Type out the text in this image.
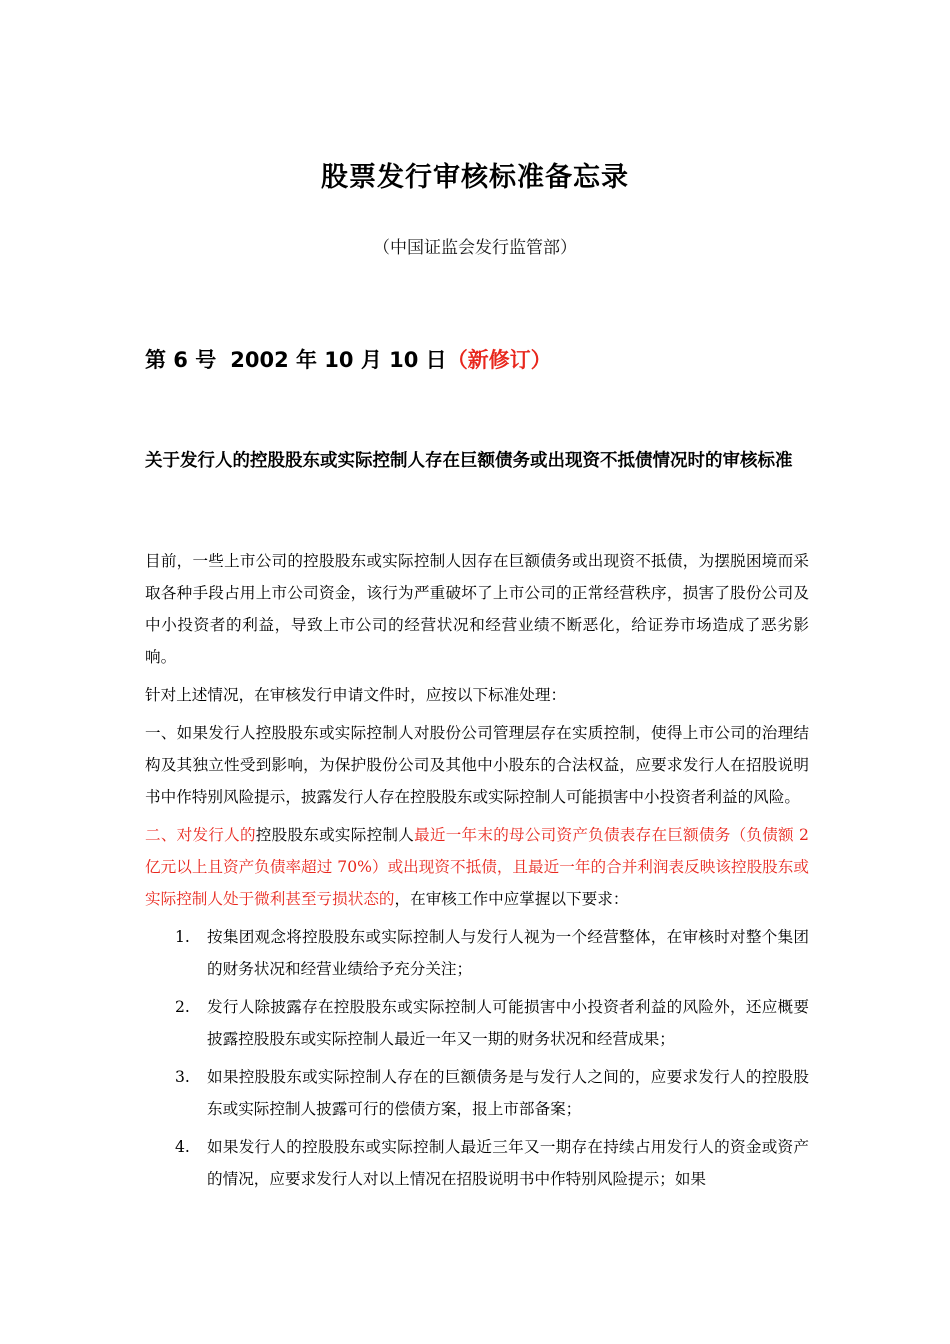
股票发行审核标准备忘录
（中国证监会发行监管部）
第 6 号 2002 年 10 月 10 日（新修订）
关于发行人的控股股东或实际控制人存在巨额债务或出现资不抵债情况时的审核标准

目前，一些上市公司的控股股东或实际控制人因存在巨额债务或出现资不抵债，为摆脱困境而采取各种手段占用上市公司资金，该行为严重破坏了上市公司的正常经营秩序，损害了股份公司及中小投资者的利益，导致上市公司的经营状况和经营业绩不断恶化，给证券市场造成了恶劣影响。

针对上述情况，在审核发行申请文件时，应按以下标准处理：

一、如果发行人控股股东或实际控制人对股份公司管理层存在实质控制，使得上市公司的治理结构及其独立性受到影响，为保护股份公司及其他中小股东的合法权益，应要求发行人在招股说明书中作特别风险提示，披露发行人存在控股股东或实际控制人可能损害中小投资者利益的风险。

二、对发行人的控股股东或实际控制人最近一年末的母公司资产负债表存在巨额债务（负债额 2 亿元以上且资产负债率超过 70%）或出现资不抵债，且最近一年的合并利润表反映该控股股东或实际控制人处于微利甚至亏损状态的，在审核工作中应掌握以下要求：

1. 按集团观念将控股股东或实际控制人与发行人视为一个经营整体，在审核时对整个集团的财务状况和经营业绩给予充分关注；
2. 发行人除披露存在控股股东或实际控制人可能损害中小投资者利益的风险外，还应概要披露控股股东或实际控制人最近一年又一期的财务状况和经营成果；
3. 如果控股股东或实际控制人存在的巨额债务是与发行人之间的，应要求发行人的控股股东或实际控制人披露可行的偿债方案，报上市部备案；
4. 如果发行人的控股股东或实际控制人最近三年又一期存在持续占用发行人的资金或资产的情况，应要求发行人对以上情况在招股说明书中作特别风险提示；如果
